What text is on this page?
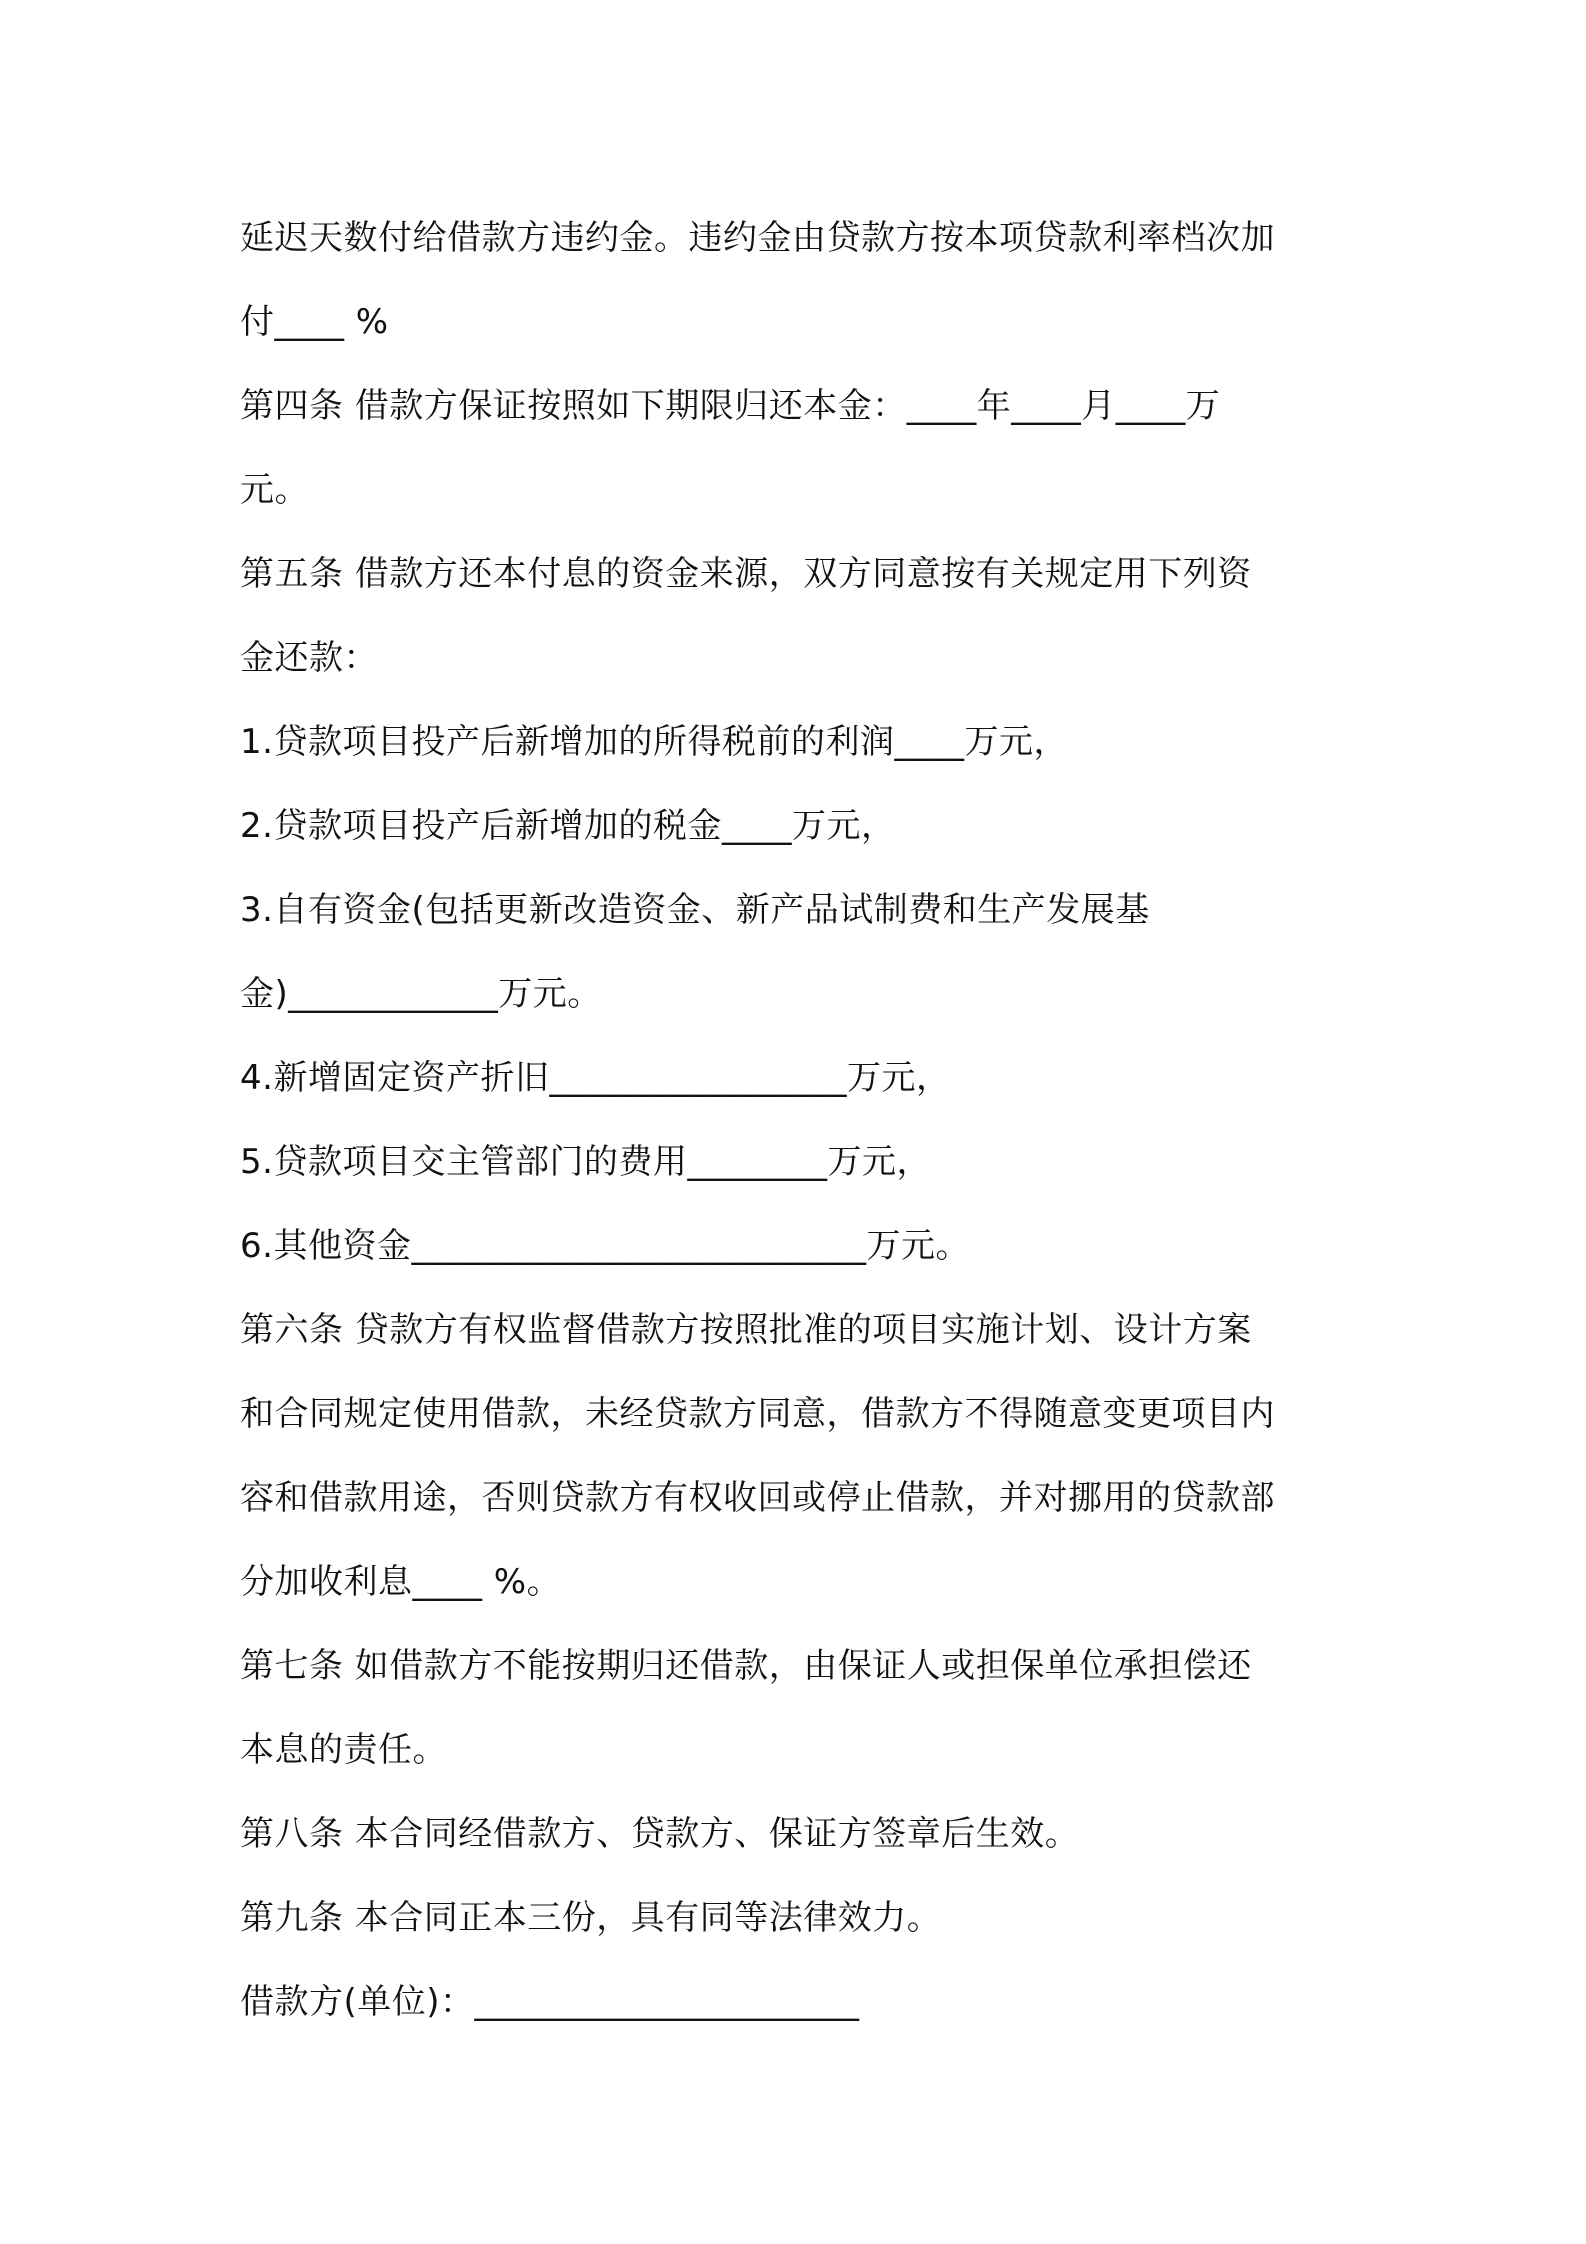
延迟天数付给借款方违约金。违约金由贷款方按本项贷款利率档次加
付____ %
第四条 借款方保证按照如下期限归还本金：____年____月____万
元。
第五条 借款方还本付息的资金来源，双方同意按有关规定用下列资
金还款：
1.贷款项目投产后新增加的所得税前的利润____万元，
2.贷款项目投产后新增加的税金____万元，
3.自有资金(包括更新改造资金、新产品试制费和生产发展基
金)____________万元。
4.新增固定资产折旧_________________万元，
5.贷款项目交主管部门的费用________万元，
6.其他资金__________________________万元。
第六条 贷款方有权监督借款方按照批准的项目实施计划、设计方案
和合同规定使用借款，未经贷款方同意，借款方不得随意变更项目内
容和借款用途，否则贷款方有权收回或停止借款，并对挪用的贷款部
分加收利息____ %。
第七条 如借款方不能按期归还借款，由保证人或担保单位承担偿还
本息的责任。
第八条 本合同经借款方、贷款方、保证方签章后生效。
第九条 本合同正本三份，具有同等法律效力。
借款方(单位)：______________________
